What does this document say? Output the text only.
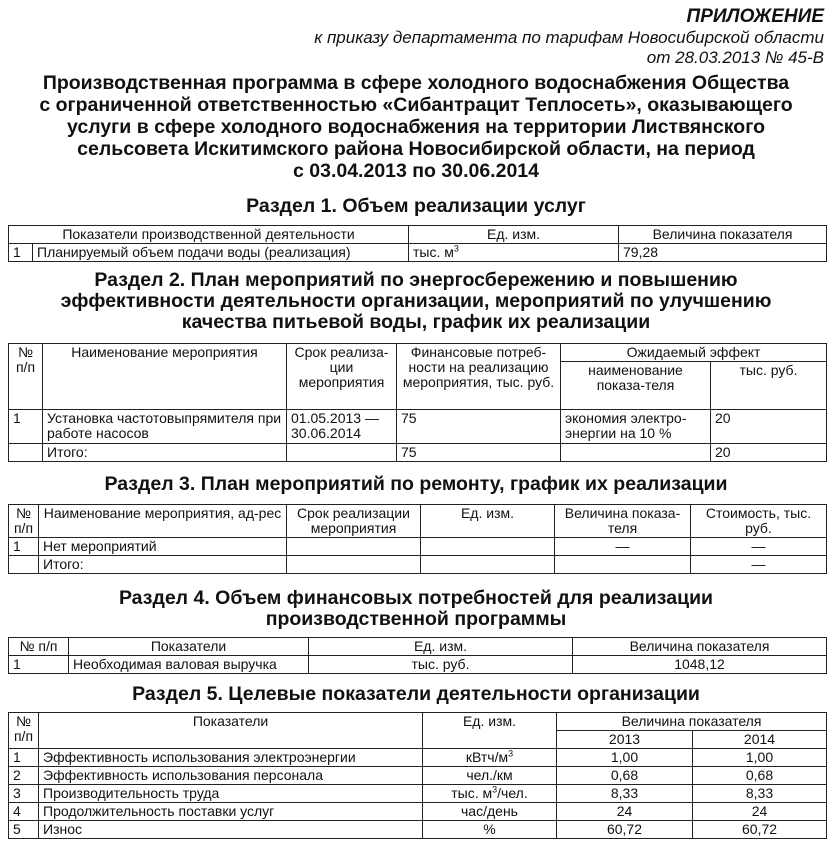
ПРИЛОЖЕНИЕ
к приказу департамента по тарифам Новосибирской области
от 28.03.2013 № 45-В
Производственная программа в сфере холодного водоснабжения Общества
с ограниченной ответственностью «Сибантрацит Теплосеть», оказывающего
услуги в сфере холодного водоснабжения на территории Листвянского
сельсовета Искитимского района Новосибирской области, на период
с 03.04.2013 по 30.06.2014
Раздел 1. Объем реализации услуг
Показатели производственной деятельности		Ед. изм.	Величина показателя
1	Планируемый объем подачи воды (реализация)	тыс. $м^3$	79,28
Раздел 2. План мероприятий по энергосбережению и повышению
эффективности деятельности организации, мероприятий по улучшению
качества питьевой воды, график их реализации
№ п/п	Наименование мероприятия	Срок реализа-ции мероприятия	Финансовые потреб-ности на реализацию мероприятия, тыс. руб.	Ожидаемый эффект	
				наименование показа-теля	тыс. руб.
1	Установка частотовыпрямителя при работе насосов	01.05.2013 — 30.06.2014	75	экономия электро-энергии на 10 %	20
	Итого:		75		20
Раздел 3. План мероприятий по ремонту, график их реализации
№ п/п	Наименование мероприятия, ад-рес	Срок реализации мероприятия	Ед. изм.	Величина показа-теля	Стоимость, тыс. руб.
1	Нет мероприятий			—	—
	Итого:				—
Раздел 4. Объем финансовых потребностей для реализации
производственной программы
№ п/п	Показатели	Ед. изм.	Величина показателя
1	Необходимая валовая выручка	тыс. руб.	1048,12
Раздел 5. Целевые показатели деятельности организации
№ п/п	Показатели	Ед. изм.	Величина показателя	
			2013	2014
1	Эффективность использования электроэнергии	кВтч/$м^3$	1,00	1,00
2	Эффективность использования персонала	чел./км	0,68	0,68
3	Производительность труда	тыс. $м^3$/чел.	8,33	8,33
4	Продолжительность поставки услуг	час/день	24	24
5	Износ	%	60,72	60,72
